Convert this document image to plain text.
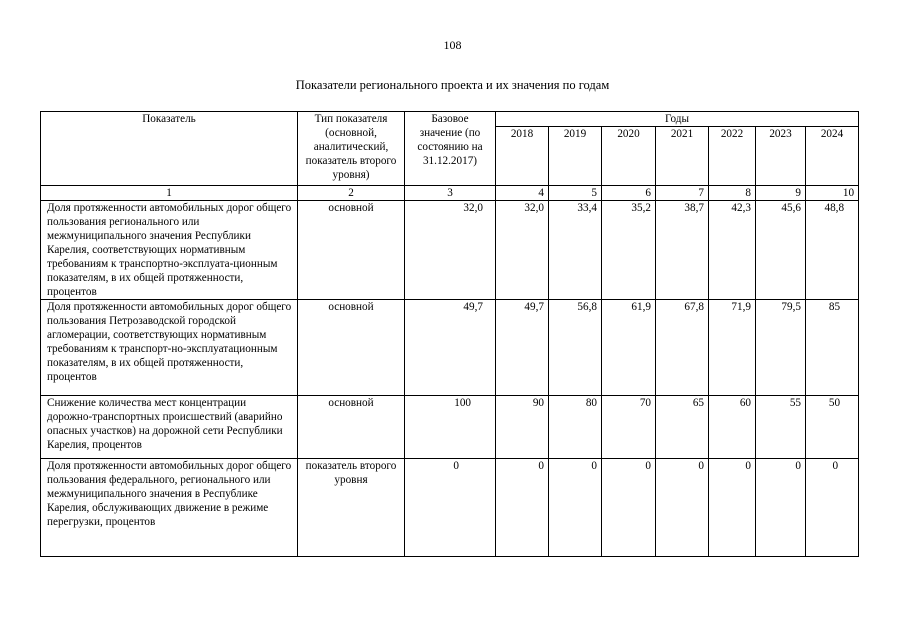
108
Показатели регионального проекта и их значения по годам
Показатель	Тип показателя (основной, аналитический, показатель второго уровня)	Базовое значение (по состоянию на 31.12.2017)	Годы						
			2018	2019	2020	2021	2022	2023	2024
1	2	3	4	5	6	7	8	9	10
Доля протяженности автомобильных дорог общего пользования регионального или межмуниципального значения Республики Карелия, соответствующих нормативным требованиям к транспортно-эксплуата-ционным показателям, в их общей протяженности, процентов	основной	32,0	32,0	33,4	35,2	38,7	42,3	45,6	48,8
Доля протяженности автомобильных дорог общего пользования Петрозаводской городской агломерации, соответствующих нормативным требованиям к транспорт-но-эксплуатационным показателям, в их общей протяженности, процентов	основной	49,7	49,7	56,8	61,9	67,8	71,9	79,5	85
Снижение количества мест концентрации дорожно-транспортных происшествий (аварийно опасных участков) на дорожной сети Республики Карелия, процентов	основной	100	90	80	70	65	60	55	50
Доля протяженности автомобильных дорог общего пользования федерального, регионального или межмуниципального значения в Республике Карелия, обслуживающих движение в режиме перегрузки, процентов	показатель второго уровня	0	0	0	0	0	0	0	0
